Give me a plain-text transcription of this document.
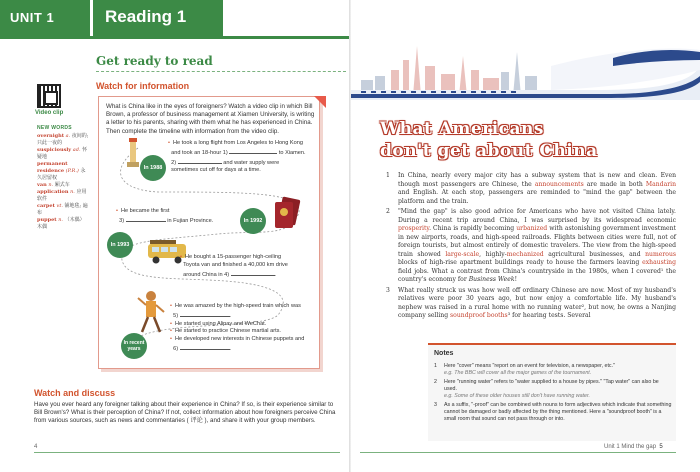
UNIT 1	Reading 1
Video clip
NEW WORDS
overnight a. 夜间的; 只此一夜的
suspiciously ad. 怀疑地
permanent residence (P.R.) 永久居留权
van n. 厢式车
application n. 应用软件
carpet vt. 铺地毯; 遍布
puppet n. （木偶）木偶
Get ready to read
Watch for information
What is China like in the eyes of foreigners? Watch a video clip in which Bill Brown, a professor of business management at Xiamen University, is writing a letter to his parents, sharing with them what he has experienced in China. Then complete the timeline with information from the video clip.
In 1988
In 1992
In 1993
In recent
years
• He took a long flight from Los Angeles to Hong Kong
and took an 18-hour 1)	to Xiamen.
2)	and water supply were
sometimes cut off for days at a time.
• He became the first
3)	in Fujian Province.
• He bought a 15-passenger high-ceiling
Toyota van and finished a 40,000 km drive
around China in 4)	.
• He was amazed by the high-speed train which was
5)	.
• He started using Alipay and WeChat.
• He started to practice Chinese martial arts.
• He developed new interests in Chinese puppets and
6)	.
Watch and discuss
Have you ever heard any foreigner talking about their experience in China? If so, is their experience similar to Bill Brown's? What is their perception of China? If not, collect information about how foreigners perceive China from various sources, such as news and commentaries ( 评论 ), and share it with your group members.
4
What Americans
don't get about China

1 In China, nearly every major city has a subway system that is new and clean. Even though most passengers are Chinese, the announcements are made in both Mandarin and English. At each stop, passengers are reminded to "mind the gap" between the platform and the train.

2 "Mind the gap" is also good advice for Americans who have not visited China lately. During a recent trip around China, I was surprised by its widespread economic prosperity. China is rapidly becoming urbanized with astonishing government investment in new airports, roads, and high-speed railroads. Flights between cities were full, not of foreign tourists, but almost entirely of domestic travelers. The view from the high-speed train showed large-scale, highly-mechanized agricultural businesses, and numerous blocks of high-rise apartment buildings ready to house the farmers leaving exhausting field jobs. What a contrast from China's countryside in the 1980s, when I covered¹ the country's economy for Business Week!

3 What really struck us was how well off ordinary Chinese are now. Most of my husband's relatives were poor 30 years ago, but now enjoy a comfortable life. My husband's nephew was raised in a rural home with no running water², but now, he owns a Nanjing company selling soundproof booths³ for hearing tests. Several

Notes
1 Here "cover" means "report on an event for television, a newspaper, etc."
e.g. The BBC will cover all the major games of the tournament.
2 Here "running water" refers to "water supplied to a house by pipes." "Tap water" can also be used.
e.g. Some of these older houses still don't have running water.
3 As a suffix, "-proof" can be combined with nouns to form adjectives which indicate that something cannot be damaged or badly affected by the thing mentioned. Here a "soundproof booth" is a small room that sound can not pass through or into.
Unit 1 Mind the gap 5
